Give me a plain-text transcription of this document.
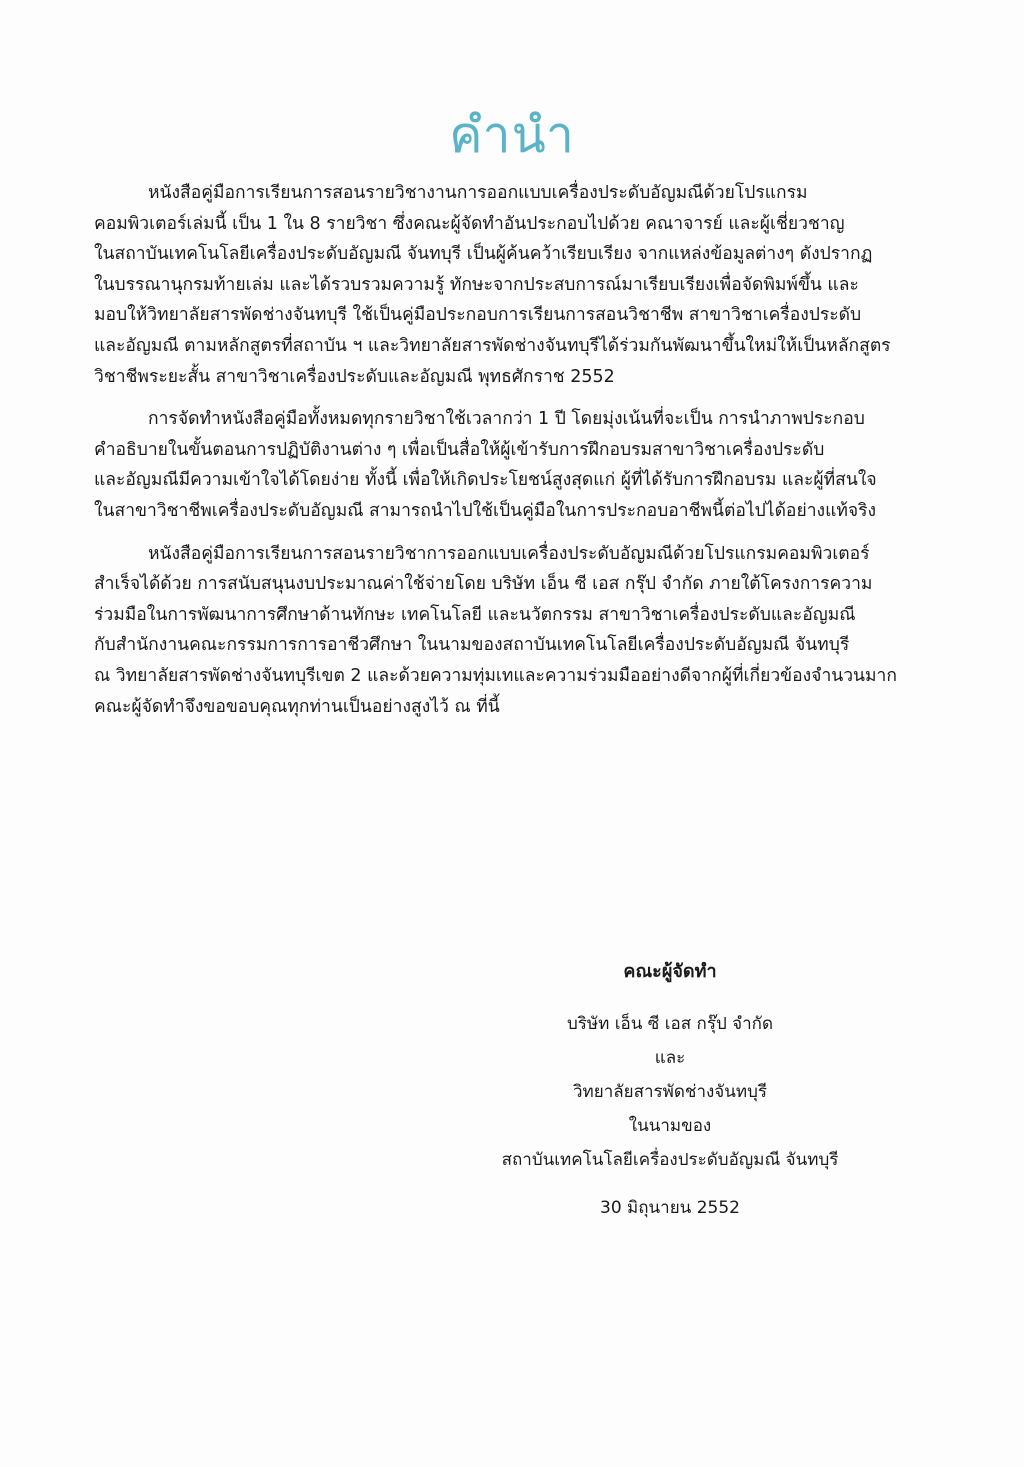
คำนำ

หนังสือคู่มือการเรียนการสอนรายวิชางานการออกแบบเครื่องประดับอัญมณีด้วยโปรแกรม
คอมพิวเตอร์เล่มนี้ เป็น 1 ใน 8 รายวิชา ซึ่งคณะผู้จัดทำอันประกอบไปด้วย คณาจารย์ และผู้เชี่ยวชาญ
ในสถาบันเทคโนโลยีเครื่องประดับอัญมณี จันทบุรี เป็นผู้ค้นคว้าเรียบเรียง จากแหล่งข้อมูลต่างๆ ดังปรากฏ
ในบรรณานุกรมท้ายเล่ม และได้รวบรวมความรู้ ทักษะจากประสบการณ์มาเรียบเรียงเพื่อจัดพิมพ์ขึ้น และ
มอบให้วิทยาลัยสารพัดช่างจันทบุรี ใช้เป็นคู่มือประกอบการเรียนการสอนวิชาชีพ สาขาวิชาเครื่องประดับ
และอัญมณี ตามหลักสูตรที่สถาบัน ฯ และวิทยาลัยสารพัดช่างจันทบุรีได้ร่วมกันพัฒนาขึ้นใหม่ให้เป็นหลักสูตร
วิชาชีพระยะสั้น สาขาวิชาเครื่องประดับและอัญมณี พุทธศักราช 2552

การจัดทำหนังสือคู่มือทั้งหมดทุกรายวิชาใช้เวลากว่า 1 ปี โดยมุ่งเน้นที่จะเป็น การนำภาพประกอบ
คำอธิบายในขั้นตอนการปฏิบัติงานต่าง ๆ เพื่อเป็นสื่อให้ผู้เข้ารับการฝึกอบรมสาขาวิชาเครื่องประดับ
และอัญมณีมีความเข้าใจได้โดยง่าย ทั้งนี้ เพื่อให้เกิดประโยชน์สูงสุดแก่ ผู้ที่ได้รับการฝึกอบรม และผู้ที่สนใจ
ในสาขาวิชาชีพเครื่องประดับอัญมณี สามารถนำไปใช้เป็นคู่มือในการประกอบอาชีพนี้ต่อไปได้อย่างแท้จริง

หนังสือคู่มือการเรียนการสอนรายวิชาการออกแบบเครื่องประดับอัญมณีด้วยโปรแกรมคอมพิวเตอร์
สำเร็จได้ด้วย การสนับสนุนงบประมาณค่าใช้จ่ายโดย บริษัท เอ็น ซี เอส กรุ๊ป จำกัด ภายใต้โครงการความ
ร่วมมือในการพัฒนาการศึกษาด้านทักษะ เทคโนโลยี และนวัตกรรม สาขาวิชาเครื่องประดับและอัญมณี
กับสำนักงานคณะกรรมการการอาชีวศึกษา ในนามของสถาบันเทคโนโลยีเครื่องประดับอัญมณี จันทบุรี
ณ วิทยาลัยสารพัดช่างจันทบุรีเขต 2 และด้วยความทุ่มเทและความร่วมมืออย่างดีจากผู้ที่เกี่ยวข้องจำนวนมาก
คณะผู้จัดทำจึงขอขอบคุณทุกท่านเป็นอย่างสูงไว้ ณ ที่นี้

คณะผู้จัดทำ
บริษัท เอ็น ซี เอส กรุ๊ป จำกัด
และ
วิทยาลัยสารพัดช่างจันทบุรี
ในนามของ
สถาบันเทคโนโลยีเครื่องประดับอัญมณี จันทบุรี
30 มิถุนายน 2552
